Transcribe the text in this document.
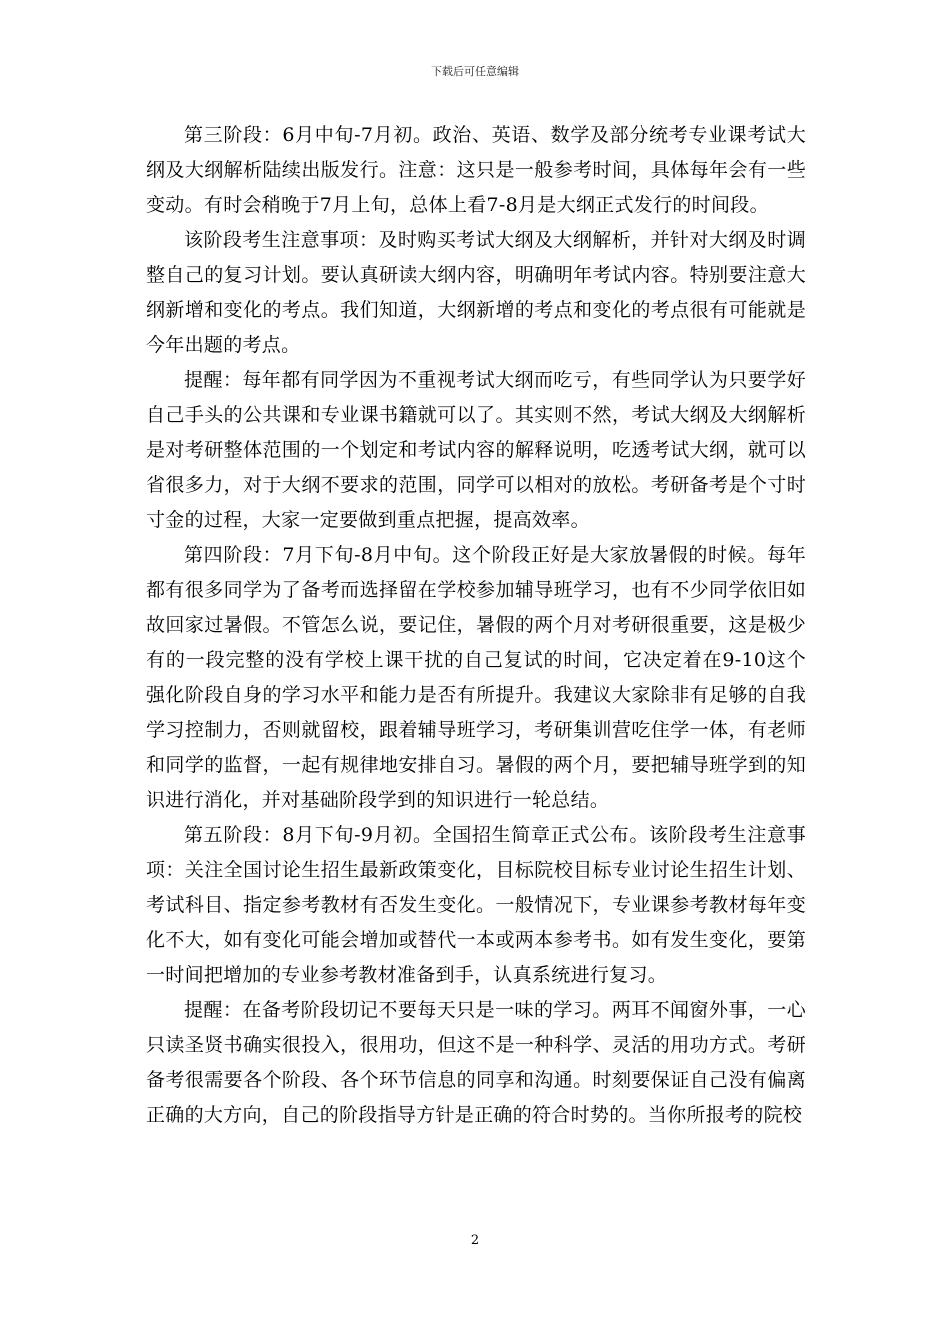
下载后可任意编辑

第三阶段：6月中旬-7月初。政治、英语、数学及部分统考专业课考试大纲及大纲解析陆续出版发行。注意：这只是一般参考时间，具体每年会有一些变动。有时会稍晚于7月上旬，总体上看7-8月是大纲正式发行的时间段。

该阶段考生注意事项：及时购买考试大纲及大纲解析，并针对大纲及时调整自己的复习计划。要认真研读大纲内容，明确明年考试内容。特别要注意大纲新增和变化的考点。我们知道，大纲新增的考点和变化的考点很有可能就是今年出题的考点。

提醒：每年都有同学因为不重视考试大纲而吃亏，有些同学认为只要学好自己手头的公共课和专业课书籍就可以了。其实则不然，考试大纲及大纲解析是对考研整体范围的一个划定和考试内容的解释说明，吃透考试大纲，就可以省很多力，对于大纲不要求的范围，同学可以相对的放松。考研备考是个寸时寸金的过程，大家一定要做到重点把握，提高效率。

第四阶段：7月下旬-8月中旬。这个阶段正好是大家放暑假的时候。每年都有很多同学为了备考而选择留在学校参加辅导班学习，也有不少同学依旧如故回家过暑假。不管怎么说，要记住，暑假的两个月对考研很重要，这是极少有的一段完整的没有学校上课干扰的自己复试的时间，它决定着在9-10这个强化阶段自身的学习水平和能力是否有所提升。我建议大家除非有足够的自我学习控制力，否则就留校，跟着辅导班学习，考研集训营吃住学一体，有老师和同学的监督，一起有规律地安排自习。暑假的两个月，要把辅导班学到的知识进行消化，并对基础阶段学到的知识进行一轮总结。

第五阶段：8月下旬-9月初。全国招生简章正式公布。该阶段考生注意事项：关注全国讨论生招生最新政策变化，目标院校目标专业讨论生招生计划、考试科目、指定参考教材有否发生变化。一般情况下，专业课参考教材每年变化不大，如有变化可能会增加或替代一本或两本参考书。如有发生变化，要第一时间把增加的专业参考教材准备到手，认真系统进行复习。

提醒：在备考阶段切记不要每天只是一味的学习。两耳不闻窗外事，一心只读圣贤书确实很投入，很用功，但这不是一种科学、灵活的用功方式。考研备考很需要各个阶段、各个环节信息的同享和沟通。时刻要保证自己没有偏离正确的大方向，自己的阶段指导方针是正确的符合时势的。当你所报考的院校

2
